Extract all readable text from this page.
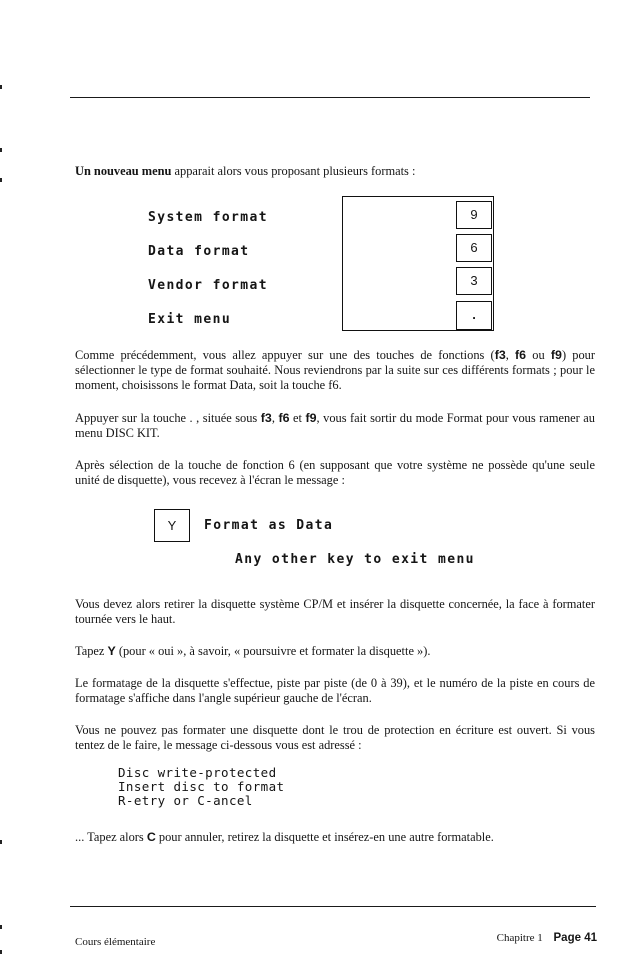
Un nouveau menu apparait alors vous proposant plusieurs formats :
System format
Data format
Vendor format
Exit menu
9
6
3
.
Comme précédemment, vous allez appuyer sur une des touches de fonctions (f3, f6 ou f9) pour sélectionner le type de format souhaité. Nous reviendrons par la suite sur ces différents formats ; pour le moment, choisissons le format Data, soit la touche f6.
Appuyer sur la touche . , située sous f3, f6 et f9, vous fait sortir du mode Format pour vous ramener au menu DISC KIT.
Après sélection de la touche de fonction 6 (en supposant que votre système ne possède qu'une seule unité de disquette), vous recevez à l'écran le message :
Y	Format as Data
Any other key to exit menu
Vous devez alors retirer la disquette système CP/M et insérer la disquette concernée, la face à formater tournée vers le haut.
Tapez Y (pour « oui », à savoir, « poursuivre et formater la disquette »).
Le formatage de la disquette s'effectue, piste par piste (de 0 à 39), et le numéro de la piste en cours de formatage s'affiche dans l'angle supérieur gauche de l'écran.
Vous ne pouvez pas formater une disquette dont le trou de protection en écriture est ouvert. Si vous tentez de le faire, le message ci-dessous vous est adressé :
Disc write-protected
Insert disc to format
R-etry or C-ancel
... Tapez alors C pour annuler, retirez la disquette et insérez-en une autre formatable.
Cours élémentaire	Chapitre 1 Page 41
